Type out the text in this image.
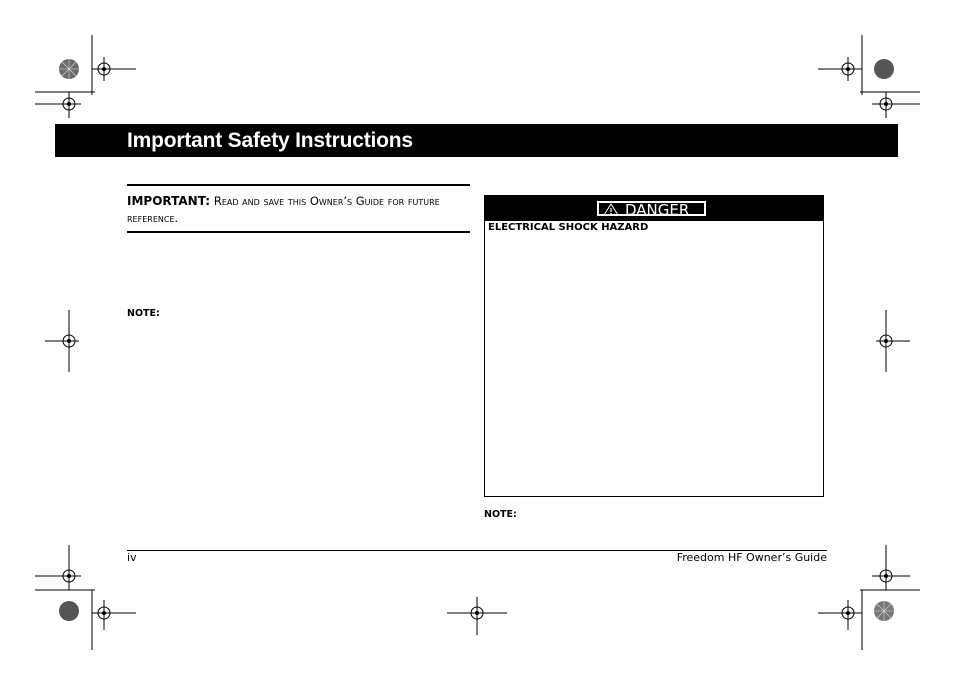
Important Safety Instructions
IMPORTANT: Read and save this Owner’s Guide for future
reference.
NOTE:
DANGER
ELECTRICAL SHOCK HAZARD
NOTE:
iv	Freedom HF Owner’s Guide
